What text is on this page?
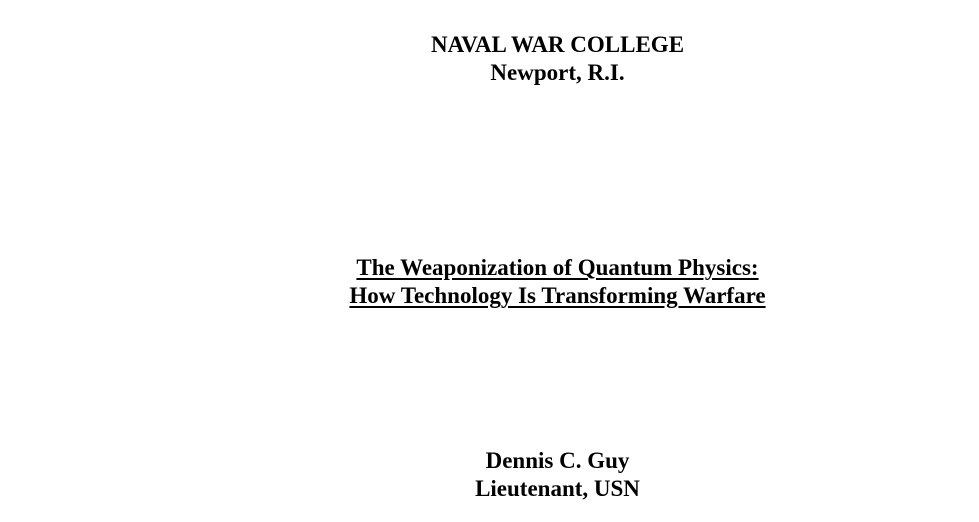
NAVAL WAR COLLEGE
Newport, R.I.
The Weaponization of Quantum Physics:
How Technology Is Transforming Warfare
Dennis C. Guy
Lieutenant, USN
